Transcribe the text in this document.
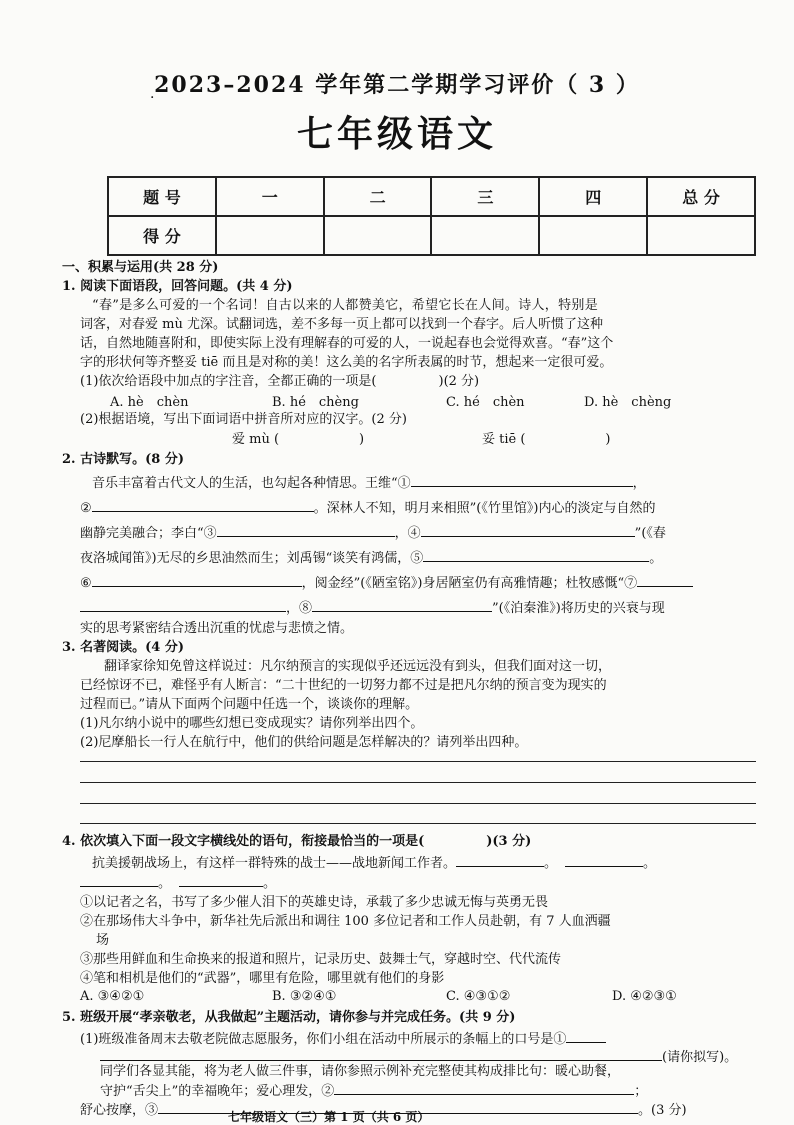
· 2023–2024 学年第二学期学习评价（ 3 ）
七年级语文
题 号	一	二	三	四	总 分
得 分					
一、积累与运用(共 28 分)
1. 阅读下面语段，回答问题。(共 4 分)
“春”是多么可爱的一个名词！自古以来的人都赞美它，希望它长在人间。诗人，特别是
词客，对春爱 mù 尤深。试翻词选，差不多每一页上都可以找到一个春字。后人听惯了这种
话，自然地随喜附和，即使实际上没有理解春的可爱的人，一说起春也会觉得欢喜。“春”这个
字的形状何等齐整妥 tiē 而且是对称的美！这么美的名字所表属的时节，想起来一定很可爱。
(1)依次给语段中加点的字注音，全都正确的一项是(	)(2 分)
A. hè　chèn	B. hé　chèng	C. hé　chèn	D. hè　chèng
(2)根据语境，写出下面词语中拼音所对应的汉字。(2 分)
爱 mù (	)	妥 tiē (	)
2. 古诗默写。(8 分)
音乐丰富着古代文人的生活，也勾起各种情思。王维“①	，
②	。深林人不知，明月来相照”(《竹里馆》)内心的淡定与自然的
幽静完美融合；李白“③	，④	”(《春
夜洛城闻笛》)无尽的乡思油然而生；刘禹锡“谈笑有鸿儒，⑤	。
⑥	，阅金经”(《陋室铭》)身居陋室仍有高雅情趣；杜牧感慨“⑦
，⑧	”(《泊秦淮》)将历史的兴衰与现
实的思考紧密结合透出沉重的忧虑与悲愤之情。
3. 名著阅读。(4 分)
翻译家徐知免曾这样说过：凡尔纳预言的实现似乎还远远没有到头，但我们面对这一切，
已经惊讶不已，难怪乎有人断言：“二十世纪的一切努力都不过是把凡尔纳的预言变为现实的
过程而已。”请从下面两个问题中任选一个，谈谈你的理解。
(1)凡尔纳小说中的哪些幻想已变成现实？请你列举出四个。
(2)尼摩船长一行人在航行中，他们的供给问题是怎样解决的？请列举出四种。
4. 依次填入下面一段文字横线处的语句，衔接最恰当的一项是(	)(3 分)
抗美援朝战场上，有这样一群特殊的战士——战地新闻工作者。	。	。
。	。
①以记者之名，书写了多少催人泪下的英雄史诗，承载了多少忠诚无悔与英勇无畏
②在那场伟大斗争中，新华社先后派出和调往 100 多位记者和工作人员赴朝，有 7 人血洒疆
场
③那些用鲜血和生命换来的报道和照片，记录历史、鼓舞士气，穿越时空、代代流传
④笔和相机是他们的“武器”，哪里有危险，哪里就有他们的身影
A. ③④②①	B. ③②④①	C. ④③①②	D. ④②③①
5. 班级开展“孝亲敬老，从我做起”主题活动，请你参与并完成任务。(共 9 分)
(1)班级准备周末去敬老院做志愿服务，你们小组在活动中所展示的条幅上的口号是①
(请你拟写)。
同学们各显其能，将为老人做三件事，请你参照示例补充完整使其构成排比句：暖心助餐，
守护“舌尖上”的幸福晚年；爱心理发，②	；
舒心按摩，③	。(3 分)
七年级语文（三）第 1 页（共 6 页）
